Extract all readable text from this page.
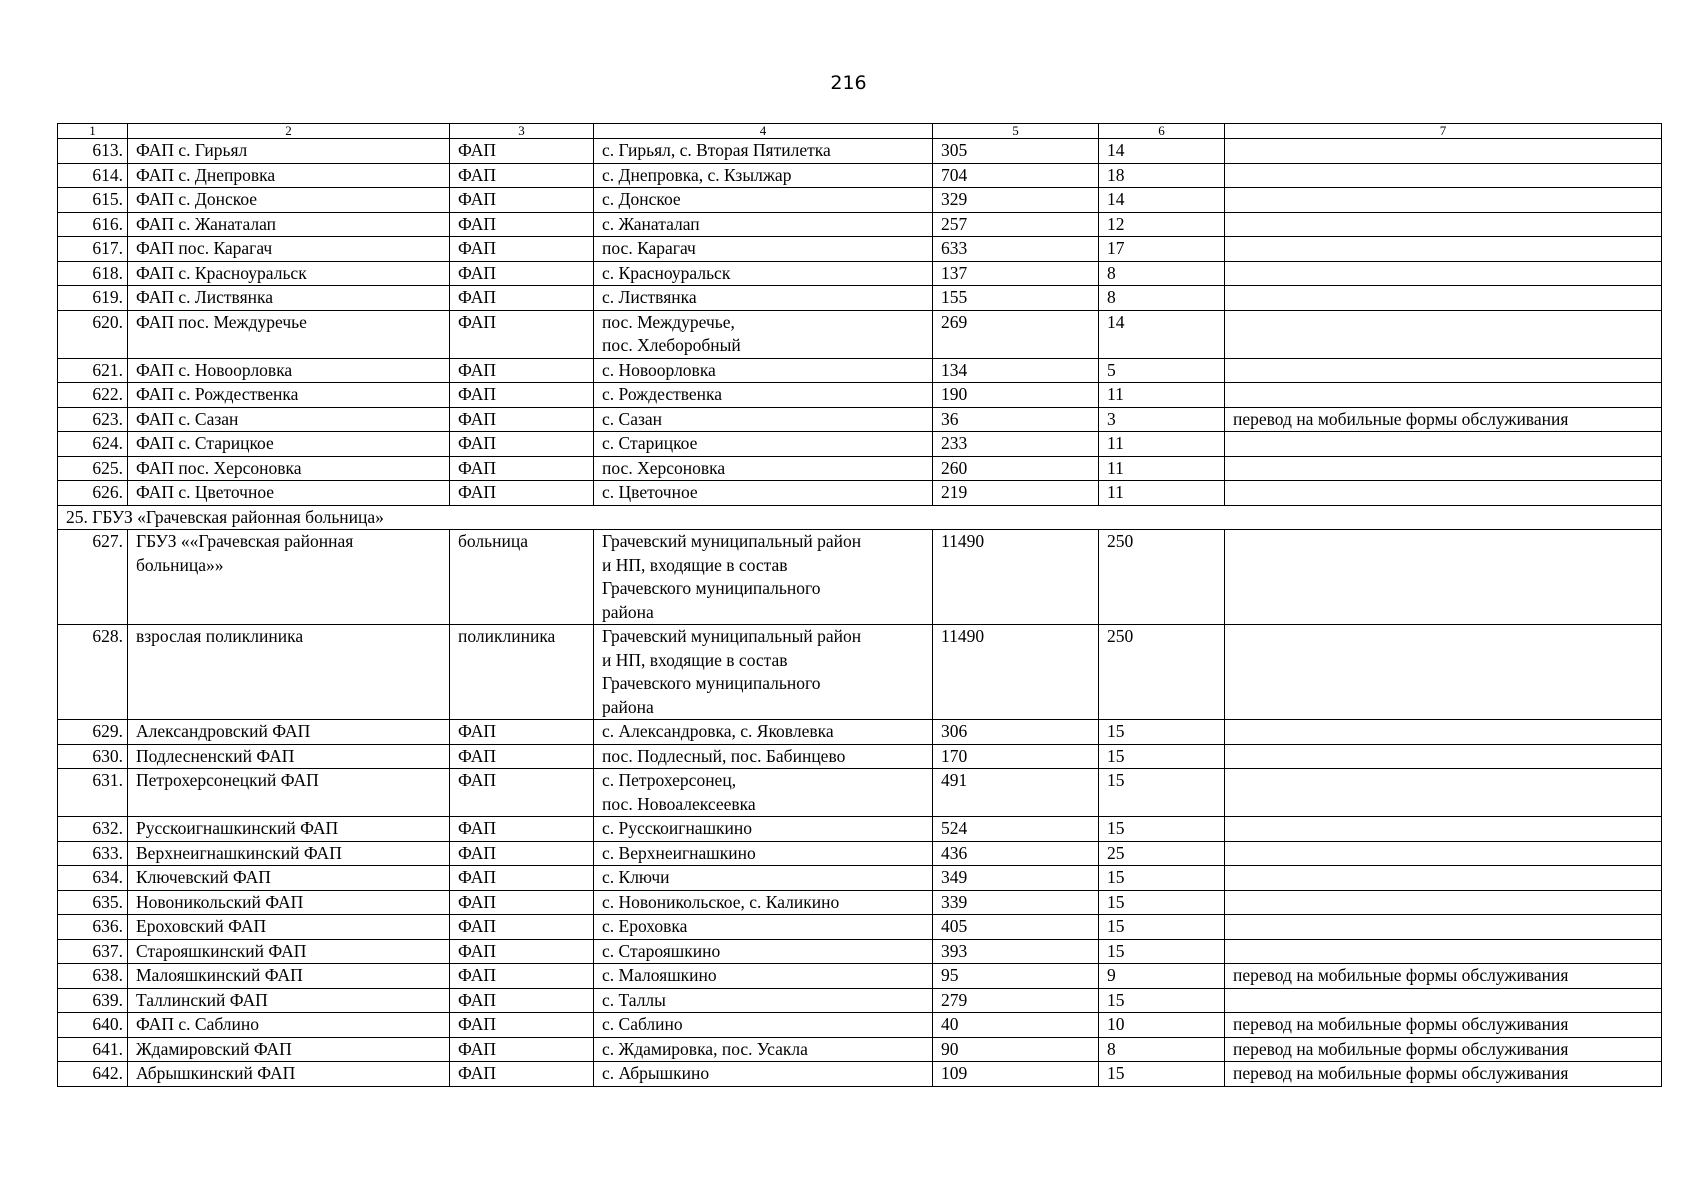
216
1	2	3	4	5	6	7
613.	ФАП с. Гирьял	ФАП	с. Гирьял, с. Вторая Пятилетка	305	14	
614.	ФАП с. Днепровка	ФАП	с. Днепровка, с. Кзылжар	704	18	
615.	ФАП с. Донское	ФАП	с. Донское	329	14	
616.	ФАП с. Жанаталап	ФАП	с. Жанаталап	257	12	
617.	ФАП пос. Карагач	ФАП	пос. Карагач	633	17	
618.	ФАП с. Красноуральск	ФАП	с. Красноуральск	137	8	
619.	ФАП с. Листвянка	ФАП	с. Листвянка	155	8	
620.	ФАП пос. Междуречье	ФАП	пос. Междуречье,
пос. Хлеборобный	269	14	
621.	ФАП с. Новоорловка	ФАП	с. Новоорловка	134	5	
622.	ФАП с. Рождественка	ФАП	с. Рождественка	190	11	
623.	ФАП с. Сазан	ФАП	с. Сазан	36	3	перевод на мобильные формы обслуживания
624.	ФАП с. Старицкое	ФАП	с. Старицкое	233	11	
625.	ФАП пос. Херсоновка	ФАП	пос. Херсоновка	260	11	
626.	ФАП с. Цветочное	ФАП	с. Цветочное	219	11	
25. ГБУЗ «Грачевская районная больница»						
627.	ГБУЗ ««Грачевская районная
больница»»	больница	Грачевский муниципальный район
и НП, входящие в состав
Грачевского муниципального
района	11490	250	
628.	взрослая поликлиника	поликлиника	Грачевский муниципальный район
и НП, входящие в состав
Грачевского муниципального
района	11490	250	
629.	Александровский ФАП	ФАП	с. Александровка, с. Яковлевка	306	15	
630.	Подлесненский ФАП	ФАП	пос. Подлесный, пос. Бабинцево	170	15	
631.	Петрохерсонецкий ФАП	ФАП	с. Петрохерсонец,
пос. Новоалексеевка	491	15	
632.	Русскоигнашкинский ФАП	ФАП	с. Русскоигнашкино	524	15	
633.	Верхнеигнашкинский ФАП	ФАП	с. Верхнеигнашкино	436	25	
634.	Ключевский ФАП	ФАП	с. Ключи	349	15	
635.	Новоникольский ФАП	ФАП	с. Новоникольское, с. Каликино	339	15	
636.	Ероховский ФАП	ФАП	с. Ероховка	405	15	
637.	Старояшкинский ФАП	ФАП	с. Старояшкино	393	15	
638.	Малояшкинский ФАП	ФАП	с. Малояшкино	95	9	перевод на мобильные формы обслуживания
639.	Таллинский ФАП	ФАП	с. Таллы	279	15	
640.	ФАП с. Саблино	ФАП	с. Саблино	40	10	перевод на мобильные формы обслуживания
641.	Ждамировский ФАП	ФАП	с. Ждамировка, пос. Усакла	90	8	перевод на мобильные формы обслуживания
642.	Абрышкинский ФАП	ФАП	с. Абрышкино	109	15	перевод на мобильные формы обслуживания
